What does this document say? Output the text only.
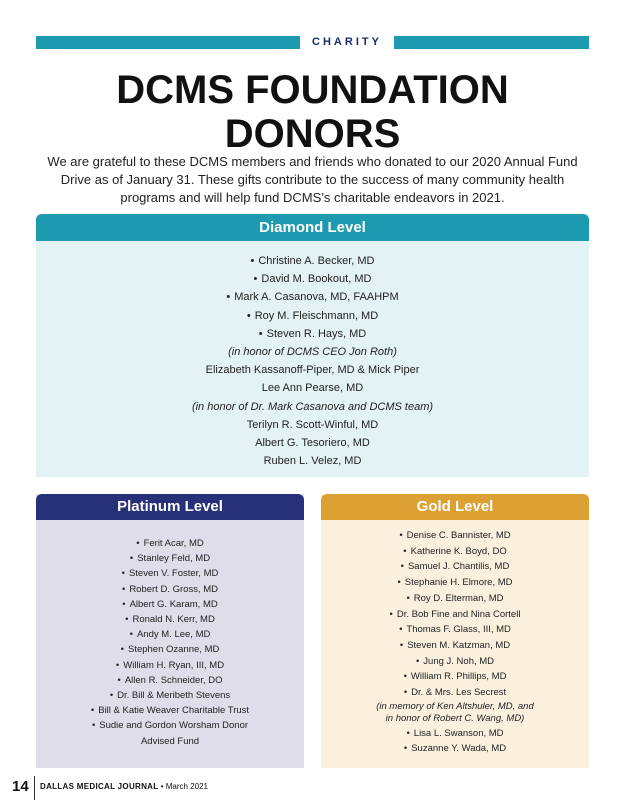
CHARITY
DCMS FOUNDATION
DONORS

We are grateful to these DCMS members and friends who donated to our 2020 Annual Fund Drive as of January 31. These gifts contribute to the success of many community health programs and will help fund DCMS’s charitable endeavors in 2021.

Diamond Level
• Christine A. Becker, MD
• David M. Bookout, MD
• Mark A. Casanova, MD, FAAHPM
• Roy M. Fleischmann, MD
• Steven R. Hays, MD
(in honor of DCMS CEO Jon Roth)
Elizabeth Kassanoff-Piper, MD & Mick Piper
Lee Ann Pearse, MD
(in honor of Dr. Mark Casanova and DCMS team)
Terilyn R. Scott-Winful, MD
Albert G. Tesoriero, MD
Ruben L. Velez, MD
Platinum Level
• Ferit Acar, MD
• Stanley Feld, MD
• Steven V. Foster, MD
• Robert D. Gross, MD
• Albert G. Karam, MD
• Ronald N. Kerr, MD
• Andy M. Lee, MD
• Stephen Ozanne, MD
• William H. Ryan, III, MD
• Allen R. Schneider, DO
• Dr. Bill & Meribeth Stevens
• Bill & Katie Weaver Charitable Trust
• Sudie and Gordon Worsham Donor
Advised Fund
Gold Level
• Denise C. Bannister, MD
• Katherine K. Boyd, DO
• Samuel J. Chantilis, MD
• Stephanie H. Elmore, MD
• Roy D. Elterman, MD
• Dr. Bob Fine and Nina Cortell
• Thomas F. Glass, III, MD
• Steven M. Katzman, MD
• Jung J. Noh, MD
• William R. Phillips, MD
• Dr. & Mrs. Les Secrest
(in memory of Ken Altshuler, MD, and
in honor of Robert C. Wang, MD)
• Lisa L. Swanson, MD
• Suzanne Y. Wada, MD
14 DALLAS MEDICAL JOURNAL • March 2021
